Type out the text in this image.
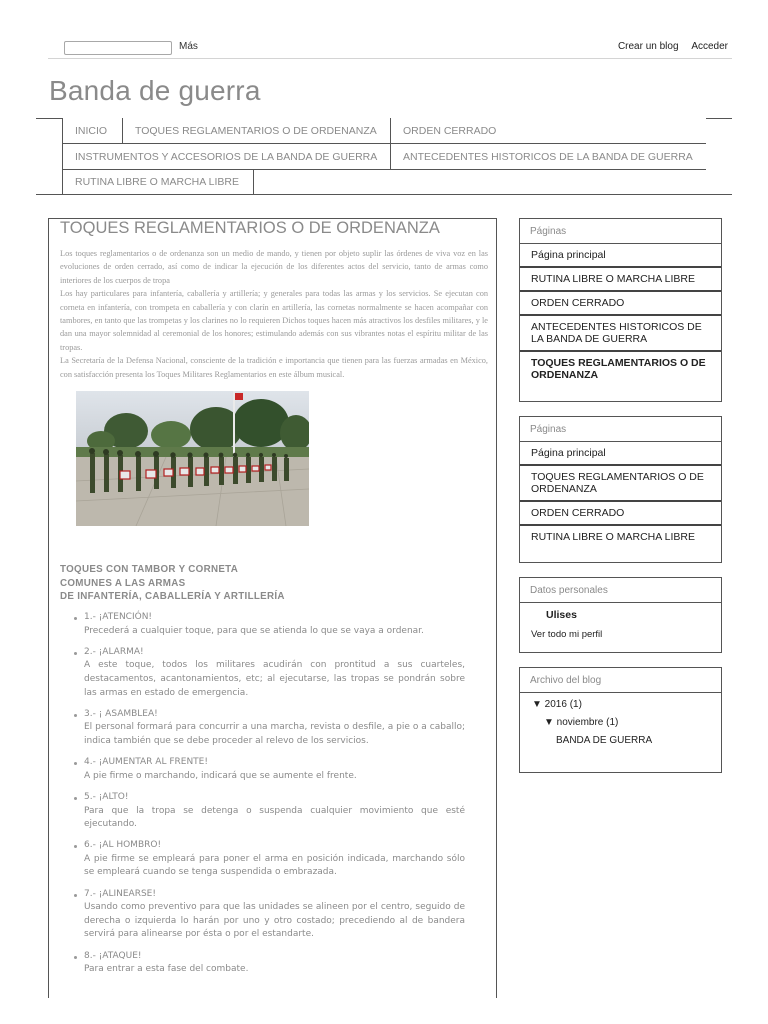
Más	Crear un blog Acceder
Banda de guerra
INICIO	TOQUES REGLAMENTARIOS O DE ORDENANZA	ORDEN CERRADO
INSTRUMENTOS Y ACCESORIOS DE LA BANDA DE GUERRA	ANTECEDENTES HISTORICOS DE LA BANDA DE GUERRA
RUTINA LIBRE O MARCHA LIBRE
TOQUES REGLAMENTARIOS O DE ORDENANZA

Los toques reglamentarios o de ordenanza son un medio de mando, y tienen por objeto suplir las órdenes de viva voz en las evoluciones de orden cerrado, así como de indicar la ejecución de los diferentes actos del servicio, tanto de armas como interiores de los cuerpos de tropa

Los hay particulares para infantería, caballería y artillería; y generales para todas las armas y los servicios. Se ejecutan con corneta en infantería, con trompeta en caballería y con clarín en artillería, las cornetas normalmente se hacen acompañar con tambores, en tanto que las trompetas y los clarines no lo requieren Dichos toques hacen más atractivos los desfiles militares, y le dan una mayor solemnidad al ceremonial de los honores; estimulando además con sus vibrantes notas el espíritu militar de las tropas.

La Secretaría de la Defensa Nacional, consciente de la tradición e importancia que tienen para las fuerzas armadas en México, con satisfacción presenta los Toques Militares Reglamentarios en este álbum musical.

TOQUES CON TAMBOR Y CORNETA
COMUNES A LAS ARMAS
DE INFANTERÍA, CABALLERÍA Y ARTILLERÍA
1.- ¡ATENCIÓN!
Precederá a cualquier toque, para que se atienda lo que se vaya a ordenar.
2.- ¡ALARMA!
A este toque, todos los militares acudirán con prontitud a sus cuarteles, destacamentos, acantonamientos, etc; al ejecutarse, las tropas se pondrán sobre las armas en estado de emergencia.
3.- ¡ ASAMBLEA!
El personal formará para concurrir a una marcha, revista o desfile, a pie o a caballo; indica también que se debe proceder al relevo de los servicios.
4.- ¡AUMENTAR AL FRENTE!
A pie firme o marchando, indicará que se aumente el frente.
5.- ¡ALTO!
Para que la tropa se detenga o suspenda cualquier movimiento que esté ejecutando.
6.- ¡AL HOMBRO!
A pie firme se empleará para poner el arma en posición indicada, marchando sólo se empleará cuando se tenga suspendida o embrazada.
7.- ¡ALINEARSE!
Usando como preventivo para que las unidades se alineen por el centro, seguido de derecha o izquierda lo harán por uno y otro costado; precediendo al de bandera servirá para alinearse por ésta o por el estandarte.
8.- ¡ATAQUE!
Para entrar a esta fase del combate.
Páginas
Página principal
RUTINA LIBRE O MARCHA LIBRE
ORDEN CERRADO
ANTECEDENTES HISTORICOS DE LA BANDA DE GUERRA
TOQUES REGLAMENTARIOS O DE ORDENANZA
Páginas
Página principal
TOQUES REGLAMENTARIOS O DE ORDENANZA
ORDEN CERRADO
RUTINA LIBRE O MARCHA LIBRE
Datos personales
Ulises
Ver todo mi perfil
Archivo del blog
▼ 2016 (1)
▼ noviembre (1)
BANDA DE GUERRA
